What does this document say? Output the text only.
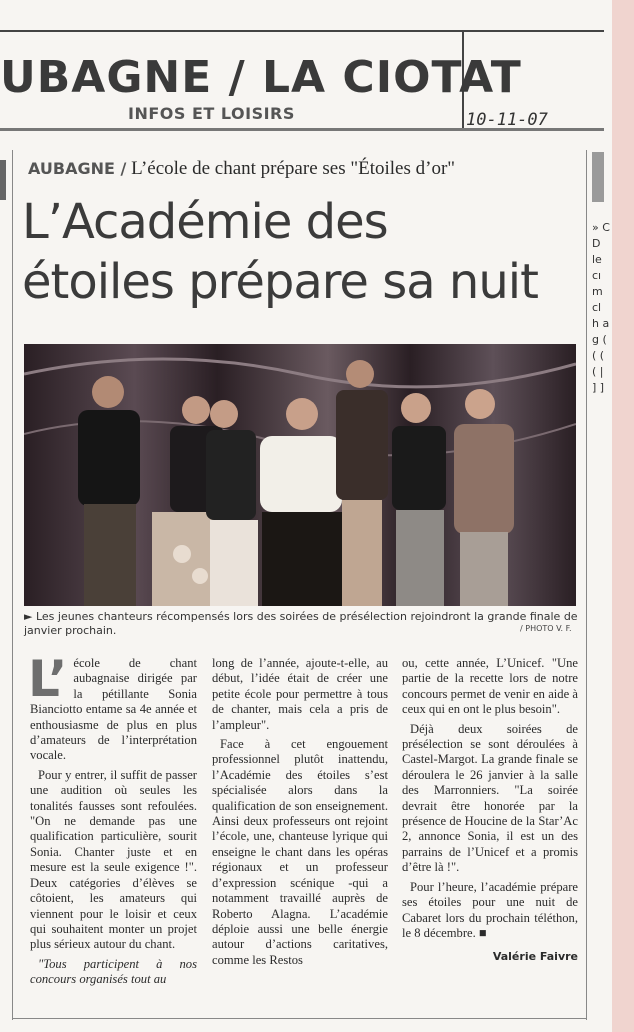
UBAGNE / LA CIOTAT
INFOS ET LOISIRS	10-11-07
AUBAGNE / L’école de chant prépare ses "Étoiles d’or"
L’Académie des
étoiles prépare sa nuit
► Les jeunes chanteurs récompensés lors des soirées de présélection rejoindront la grande finale de janvier prochain.	/ PHOTO V. F.
L’ école de chant aubagnaise dirigée par la pétillante Sonia Bianciotto entame sa 4e année et enthousiasme de plus en plus d’amateurs de l’interprétation vocale.

Pour y entrer, il suffit de passer une audition où seules les tonalités fausses sont refoulées. "On ne demande pas une qualification particulière, sourit Sonia. Chanter juste et en mesure est la seule exigence !". Deux catégories d’élèves se côtoient, les amateurs qui viennent pour le loisir et ceux qui souhaitent monter un projet plus sérieux autour du chant.

"Tous participent à nos concours organisés tout au

long de l’année, ajoute-t-elle, au début, l’idée était de créer une petite école pour permettre à tous de chanter, mais cela a pris de l’ampleur".

Face à cet engouement professionnel plutôt inattendu, l’Académie des étoiles s’est spécialisée alors dans la qualification de son enseignement. Ainsi deux professeurs ont rejoint l’école, une, chanteuse lyrique qui enseigne le chant dans les opéras régionaux et un professeur d’expression scénique -qui a notamment travaillé auprès de Roberto Alagna. L’académie déploie aussi une belle énergie autour d’actions caritatives, comme les Restos

ou, cette année, L’Unicef. "Une partie de la recette lors de notre concours permet de venir en aide à ceux qui en ont le plus besoin".

Déjà deux soirées de présélection se sont déroulées à Castel-Margot. La grande finale se déroulera le 26 janvier à la salle des Marronniers. "La soirée devrait être honorée par la présence de Houcine de la Star’Ac 2, annonce Sonia, il est un des parrains de l’Unicef et a promis d’être là !".

Pour l’heure, l’académie prépare ses étoiles pour une nuit de Cabaret lors du prochain téléthon, le 8 décembre. ■

Valérie Faivre
» C D le cı m cl h a g ( ( ( ( | ] ]
